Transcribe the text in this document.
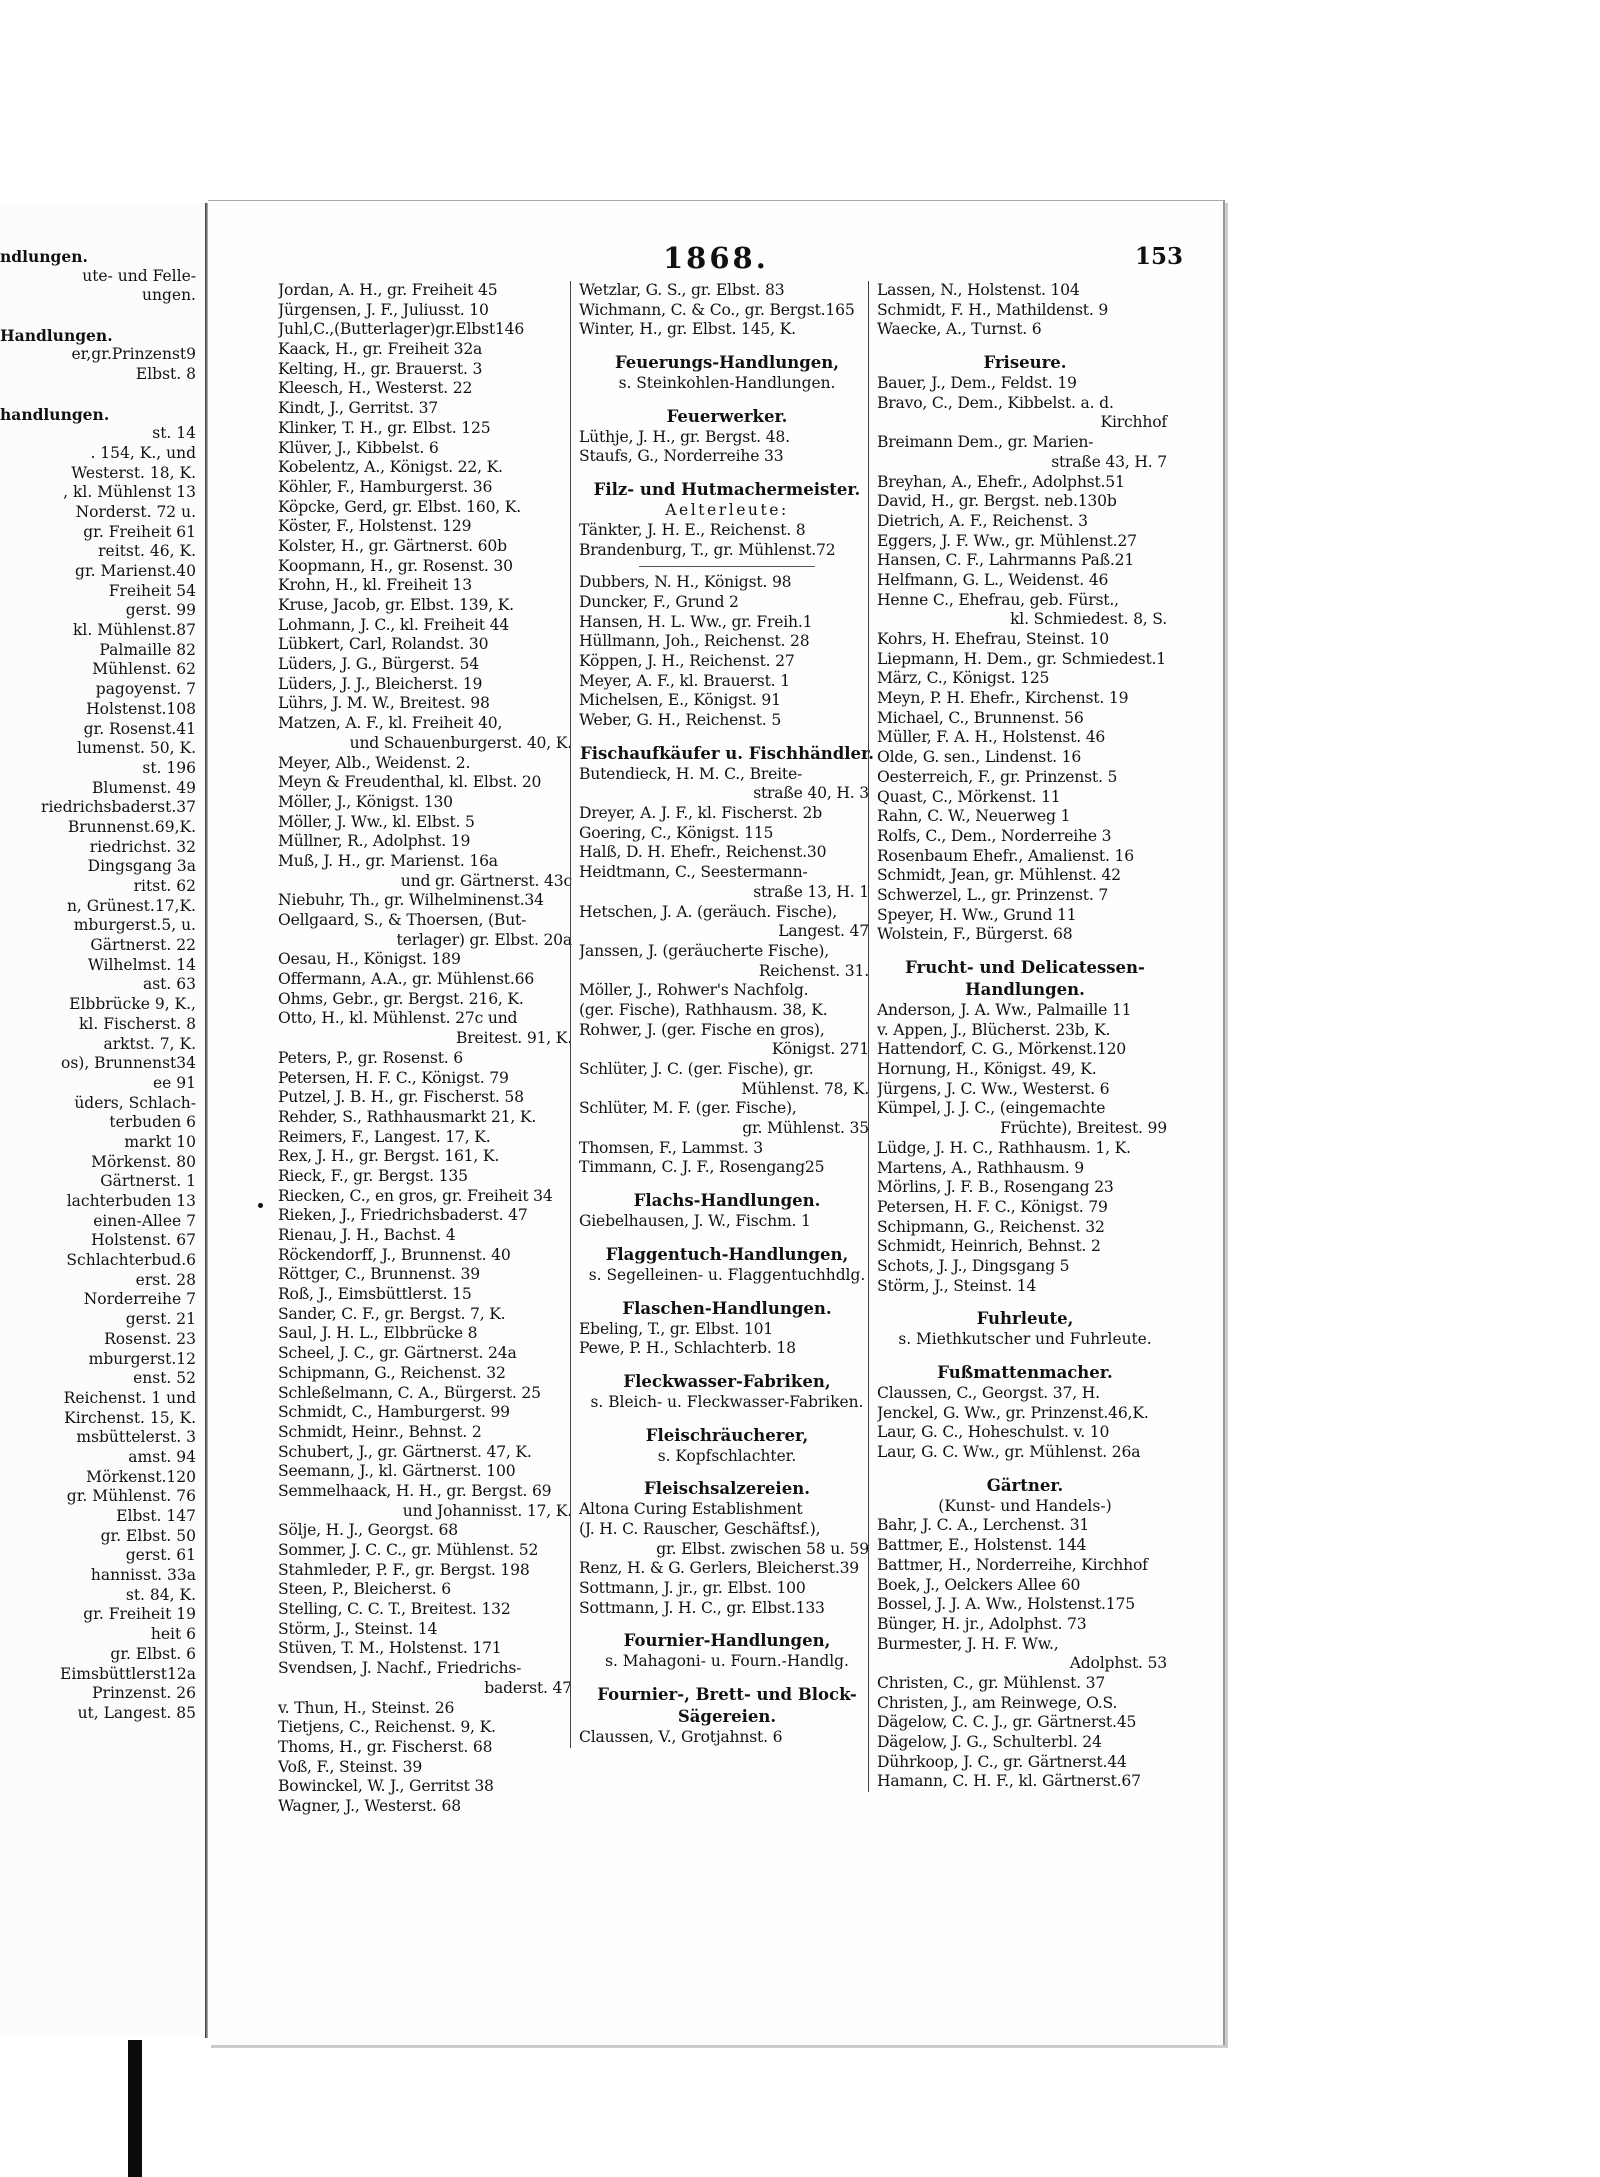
ndlungen.
ute- und Felle-
ungen.
Handlungen.
er,gr.Prinzenst9
Elbst. 8
handlungen.
st. 14
. 154, K., und
Westerst. 18, K.
, kl. Mühlenst 13
Norderst. 72 u.
gr. Freiheit 61
reitst. 46, K.
gr. Marienst.40
Freiheit 54
gerst. 99
kl. Mühlenst.87
Palmaille 82
Mühlenst. 62
pagoyenst. 7
Holstenst.108
gr. Rosenst.41
lumenst. 50, K.
st. 196
Blumenst. 49
riedrichsbaderst.37
Brunnenst.69,K.
riedrichst. 32
Dingsgang 3a
ritst. 62
n, Grünest.17,K.
mburgerst.5, u.
Gärtnerst. 22
Wilhelmst. 14
ast. 63
Elbbrücke 9, K.,
kl. Fischerst. 8
arktst. 7, K.
os), Brunnenst34
ee 91
üders, Schlach-
terbuden 6
markt 10
Mörkenst. 80
Gärtnerst. 1
lachterbuden 13
einen-Allee 7
Holstenst. 67
Schlachterbud.6
erst. 28
Norderreihe 7
gerst. 21
Rosenst. 23
mburgerst.12
enst. 52
Reichenst. 1 und
Kirchenst. 15, K.
msbüttelerst. 3
amst. 94
Mörkenst.120
gr. Mühlenst. 76
Elbst. 147
gr. Elbst. 50
gerst. 61
hannisst. 33a
st. 84, K.
gr. Freiheit 19
heit 6
gr. Elbst. 6
Eimsbüttlerst12a
Prinzenst. 26
ut, Langest. 85
1868.	153
Jordan, A. H., gr. Freiheit 45
Jürgensen, J. F., Juliusst. 10
Juhl,C.,(Butterlager)gr.Elbst146
Kaack, H., gr. Freiheit 32a
Kelting, H., gr. Brauerst. 3
Kleesch, H., Westerst. 22
Kindt, J., Gerritst. 37
Klinker, T. H., gr. Elbst. 125
Klüver, J., Kibbelst. 6
Kobelentz, A., Königst. 22, K.
Köhler, F., Hamburgerst. 36
Köpcke, Gerd, gr. Elbst. 160, K.
Köster, F., Holstenst. 129
Kolster, H., gr. Gärtnerst. 60b
Koopmann, H., gr. Rosenst. 30
Krohn, H., kl. Freiheit 13
Kruse, Jacob, gr. Elbst. 139, K.
Lohmann, J. C., kl. Freiheit 44
Lübkert, Carl, Rolandst. 30
Lüders, J. G., Bürgerst. 54
Lüders, J. J., Bleicherst. 19
Lührs, J. M. W., Breitest. 98
Matzen, A. F., kl. Freiheit 40,
und Schauenburgerst. 40, K.
Meyer, Alb., Weidenst. 2.
Meyn & Freudenthal, kl. Elbst. 20
Möller, J., Königst. 130
Möller, J. Ww., kl. Elbst. 5
Müllner, R., Adolphst. 19
Muß, J. H., gr. Marienst. 16a
und gr. Gärtnerst. 43c
Niebuhr, Th., gr. Wilhelminenst.34
Oellgaard, S., & Thoersen, (But-
terlager) gr. Elbst. 20a
Oesau, H., Königst. 189
Offermann, A.A., gr. Mühlenst.66
Ohms, Gebr., gr. Bergst. 216, K.
Otto, H., kl. Mühlenst. 27c und
Breitest. 91, K.
Peters, P., gr. Rosenst. 6
Petersen, H. F. C., Königst. 79
Putzel, J. B. H., gr. Fischerst. 58
Rehder, S., Rathhausmarkt 21, K.
Reimers, F., Langest. 17, K.
Rex, J. H., gr. Bergst. 161, K.
Rieck, F., gr. Bergst. 135
Riecken, C., en gros, gr. Freiheit 34
Rieken, J., Friedrichsbaderst. 47
Rienau, J. H., Bachst. 4
Röckendorff, J., Brunnenst. 40
Röttger, C., Brunnenst. 39
Roß, J., Eimsbüttlerst. 15
Sander, C. F., gr. Bergst. 7, K.
Saul, J. H. L., Elbbrücke 8
Scheel, J. C., gr. Gärtnerst. 24a
Schipmann, G., Reichenst. 32
Schleßelmann, C. A., Bürgerst. 25
Schmidt, C., Hamburgerst. 99
Schmidt, Heinr., Behnst. 2
Schubert, J., gr. Gärtnerst. 47, K.
Seemann, J., kl. Gärtnerst. 100
Semmelhaack, H. H., gr. Bergst. 69
und Johannisst. 17, K.
Sölje, H. J., Georgst. 68
Sommer, J. C. C., gr. Mühlenst. 52
Stahmleder, P. F., gr. Bergst. 198
Steen, P., Bleicherst. 6
Stelling, C. C. T., Breitest. 132
Störm, J., Steinst. 14
Stüven, T. M., Holstenst. 171
Svendsen, J. Nachf., Friedrichs-
baderst. 47
v. Thun, H., Steinst. 26
Tietjens, C., Reichenst. 9, K.
Thoms, H., gr. Fischerst. 68
Voß, F., Steinst. 39
Bowinckel, W. J., Gerritst 38
Wagner, J., Westerst. 68
Wetzlar, G. S., gr. Elbst. 83
Wichmann, C. & Co., gr. Bergst.165
Winter, H., gr. Elbst. 145, K.
Feuerungs-Handlungen,
s. Steinkohlen-Handlungen.
Feuerwerker.
Lüthje, J. H., gr. Bergst. 48.
Staufs, G., Norderreihe 33
Filz- und Hutmachermeister.
Aelterleute:
Tänkter, J. H. E., Reichenst. 8
Brandenburg, T., gr. Mühlenst.72
Dubbers, N. H., Königst. 98
Duncker, F., Grund 2
Hansen, H. L. Ww., gr. Freih.1
Hüllmann, Joh., Reichenst. 28
Köppen, J. H., Reichenst. 27
Meyer, A. F., kl. Brauerst. 1
Michelsen, E., Königst. 91
Weber, G. H., Reichenst. 5
Fischaufkäufer u. Fischhändler.
Butendieck, H. M. C., Breite-
straße 40, H. 3
Dreyer, A. J. F., kl. Fischerst. 2b
Goering, C., Königst. 115
Halß, D. H. Ehefr., Reichenst.30
Heidtmann, C., Seestermann-
straße 13, H. 1
Hetschen, J. A. (geräuch. Fische),
Langest. 47
Janssen, J. (geräucherte Fische),
Reichenst. 31.
Möller, J., Rohwer's Nachfolg.
(ger. Fische), Rathhausm. 38, K.
Rohwer, J. (ger. Fische en gros),
Königst. 271
Schlüter, J. C. (ger. Fische), gr.
Mühlenst. 78, K.
Schlüter, M. F. (ger. Fische),
gr. Mühlenst. 35
Thomsen, F., Lammst. 3
Timmann, C. J. F., Rosengang25
Flachs-Handlungen.
Giebelhausen, J. W., Fischm. 1
Flaggentuch-Handlungen,
s. Segelleinen- u. Flaggentuchhdlg.
Flaschen-Handlungen.
Ebeling, T., gr. Elbst. 101
Pewe, P. H., Schlachterb. 18
Fleckwasser-Fabriken,
s. Bleich- u. Fleckwasser-Fabriken.
Fleischräucherer,
s. Kopfschlachter.
Fleischsalzereien.
Altona Curing Establishment
(J. H. C. Rauscher, Geschäftsf.),
gr. Elbst. zwischen 58 u. 59
Renz, H. & G. Gerlers, Bleicherst.39
Sottmann, J. jr., gr. Elbst. 100
Sottmann, J. H. C., gr. Elbst.133
Fournier-Handlungen,
s. Mahagoni- u. Fourn.-Handlg.
Fournier-, Brett- und Block-
Sägereien.
Claussen, V., Grotjahnst. 6
Lassen, N., Holstenst. 104
Schmidt, F. H., Mathildenst. 9
Waecke, A., Turnst. 6
Friseure.
Bauer, J., Dem., Feldst. 19
Bravo, C., Dem., Kibbelst. a. d.
Kirchhof
Breimann Dem., gr. Marien-
straße 43, H. 7
Breyhan, A., Ehefr., Adolphst.51
David, H., gr. Bergst. neb.130b
Dietrich, A. F., Reichenst. 3
Eggers, J. F. Ww., gr. Mühlenst.27
Hansen, C. F., Lahrmanns Paß.21
Helfmann, G. L., Weidenst. 46
Henne C., Ehefrau, geb. Fürst.,
kl. Schmiedest. 8, S.
Kohrs, H. Ehefrau, Steinst. 10
Liepmann, H. Dem., gr. Schmiedest.1
März, C., Königst. 125
Meyn, P. H. Ehefr., Kirchenst. 19
Michael, C., Brunnenst. 56
Müller, F. A. H., Holstenst. 46
Olde, G. sen., Lindenst. 16
Oesterreich, F., gr. Prinzenst. 5
Quast, C., Mörkenst. 11
Rahn, C. W., Neuerweg 1
Rolfs, C., Dem., Norderreihe 3
Rosenbaum Ehefr., Amalienst. 16
Schmidt, Jean, gr. Mühlenst. 42
Schwerzel, L., gr. Prinzenst. 7
Speyer, H. Ww., Grund 11
Wolstein, F., Bürgerst. 68
Frucht- und Delicatessen-
Handlungen.
Anderson, J. A. Ww., Palmaille 11
v. Appen, J., Blücherst. 23b, K.
Hattendorf, C. G., Mörkenst.120
Hornung, H., Königst. 49, K.
Jürgens, J. C. Ww., Westerst. 6
Kümpel, J. J. C., (eingemachte
Früchte), Breitest. 99
Lüdge, J. H. C., Rathhausm. 1, K.
Martens, A., Rathhausm. 9
Mörlins, J. F. B., Rosengang 23
Petersen, H. F. C., Königst. 79
Schipmann, G., Reichenst. 32
Schmidt, Heinrich, Behnst. 2
Schots, J. J., Dingsgang 5
Störm, J., Steinst. 14
Fuhrleute,
s. Miethkutscher und Fuhrleute.
Fußmattenmacher.
Claussen, C., Georgst. 37, H.
Jenckel, G. Ww., gr. Prinzenst.46,K.
Laur, G. C., Hoheschulst. v. 10
Laur, G. C. Ww., gr. Mühlenst. 26a
Gärtner.
(Kunst- und Handels-)
Bahr, J. C. A., Lerchenst. 31
Battmer, E., Holstenst. 144
Battmer, H., Norderreihe, Kirchhof
Boek, J., Oelckers Allee 60
Bossel, J. J. A. Ww., Holstenst.175
Bünger, H. jr., Adolphst. 73
Burmester, J. H. F. Ww.,
Adolphst. 53
Christen, C., gr. Mühlenst. 37
Christen, J., am Reinwege, O.S.
Dägelow, C. C. J., gr. Gärtnerst.45
Dägelow, J. G., Schulterbl. 24
Dührkoop, J. C., gr. Gärtnerst.44
Hamann, C. H. F., kl. Gärtnerst.67
